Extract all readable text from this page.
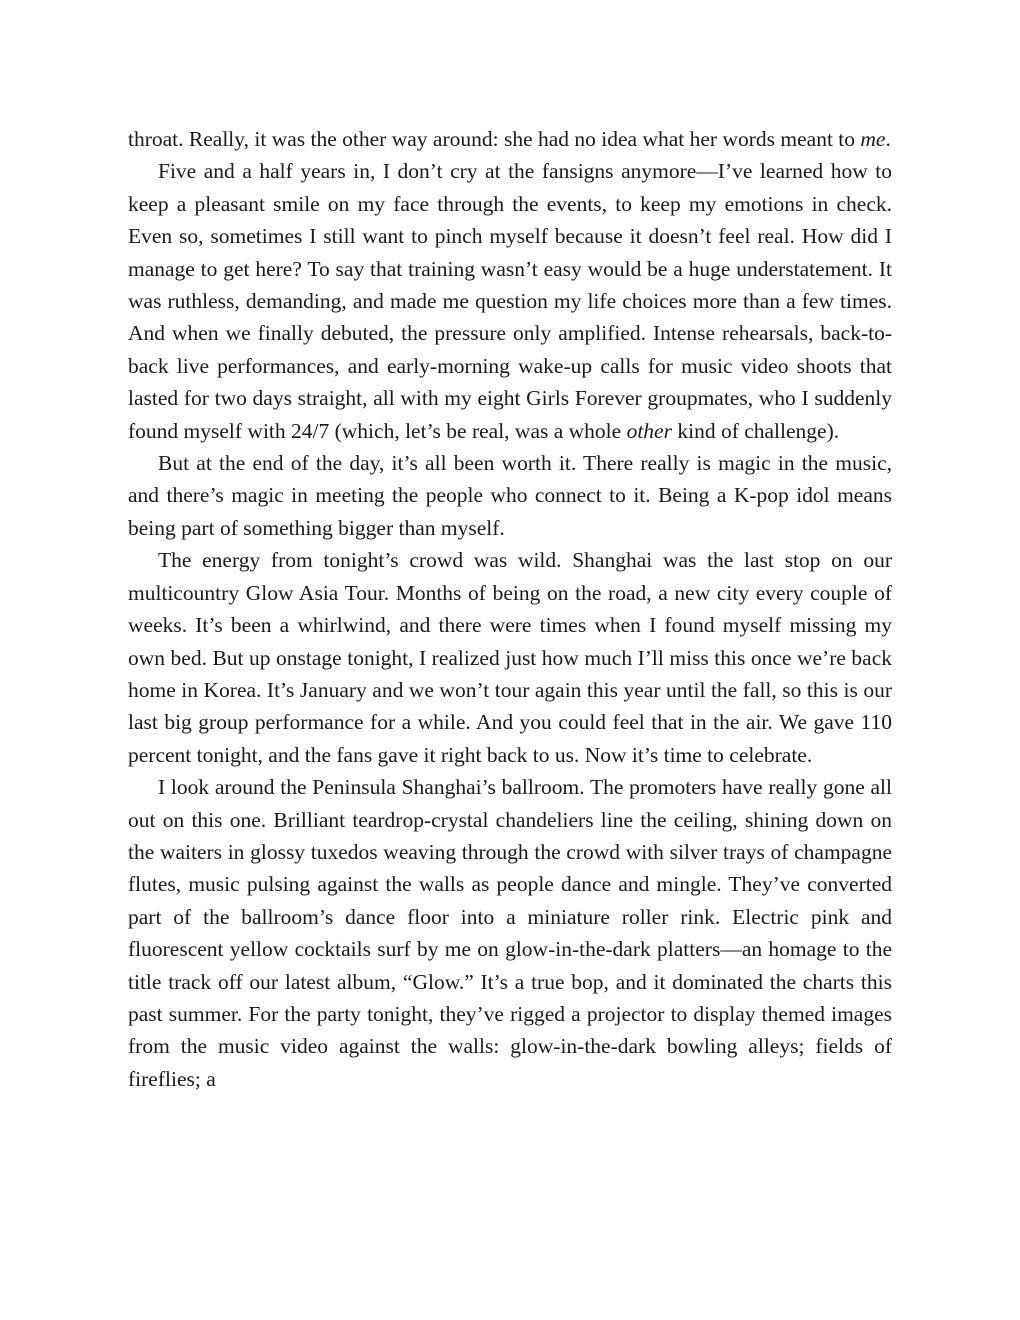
throat. Really, it was the other way around: she had no idea what her words meant to me.

Five and a half years in, I don’t cry at the fansigns anymore—I’ve learned how to keep a pleasant smile on my face through the events, to keep my emotions in check. Even so, sometimes I still want to pinch myself because it doesn’t feel real. How did I manage to get here? To say that training wasn’t easy would be a huge understatement. It was ruthless, demanding, and made me question my life choices more than a few times. And when we finally debuted, the pressure only amplified. Intense rehearsals, back-to-back live performances, and early-morning wake-up calls for music video shoots that lasted for two days straight, all with my eight Girls Forever groupmates, who I suddenly found myself with 24/7 (which, let’s be real, was a whole other kind of challenge).

But at the end of the day, it’s all been worth it. There really is magic in the music, and there’s magic in meeting the people who connect to it. Being a K-pop idol means being part of something bigger than myself.

The energy from tonight’s crowd was wild. Shanghai was the last stop on our multicountry Glow Asia Tour. Months of being on the road, a new city every couple of weeks. It’s been a whirlwind, and there were times when I found myself missing my own bed. But up onstage tonight, I realized just how much I’ll miss this once we’re back home in Korea. It’s January and we won’t tour again this year until the fall, so this is our last big group performance for a while. And you could feel that in the air. We gave 110 percent tonight, and the fans gave it right back to us. Now it’s time to celebrate.

I look around the Peninsula Shanghai’s ballroom. The promoters have really gone all out on this one. Brilliant teardrop-crystal chandeliers line the ceiling, shining down on the waiters in glossy tuxedos weaving through the crowd with silver trays of champagne flutes, music pulsing against the walls as people dance and mingle. They’ve converted part of the ballroom’s dance floor into a miniature roller rink. Electric pink and fluorescent yellow cocktails surf by me on glow-in-the-dark platters—an homage to the title track off our latest album, “Glow.” It’s a true bop, and it dominated the charts this past summer. For the party tonight, they’ve rigged a projector to display themed images from the music video against the walls: glow-in-the-dark bowling alleys; fields of fireflies; a
